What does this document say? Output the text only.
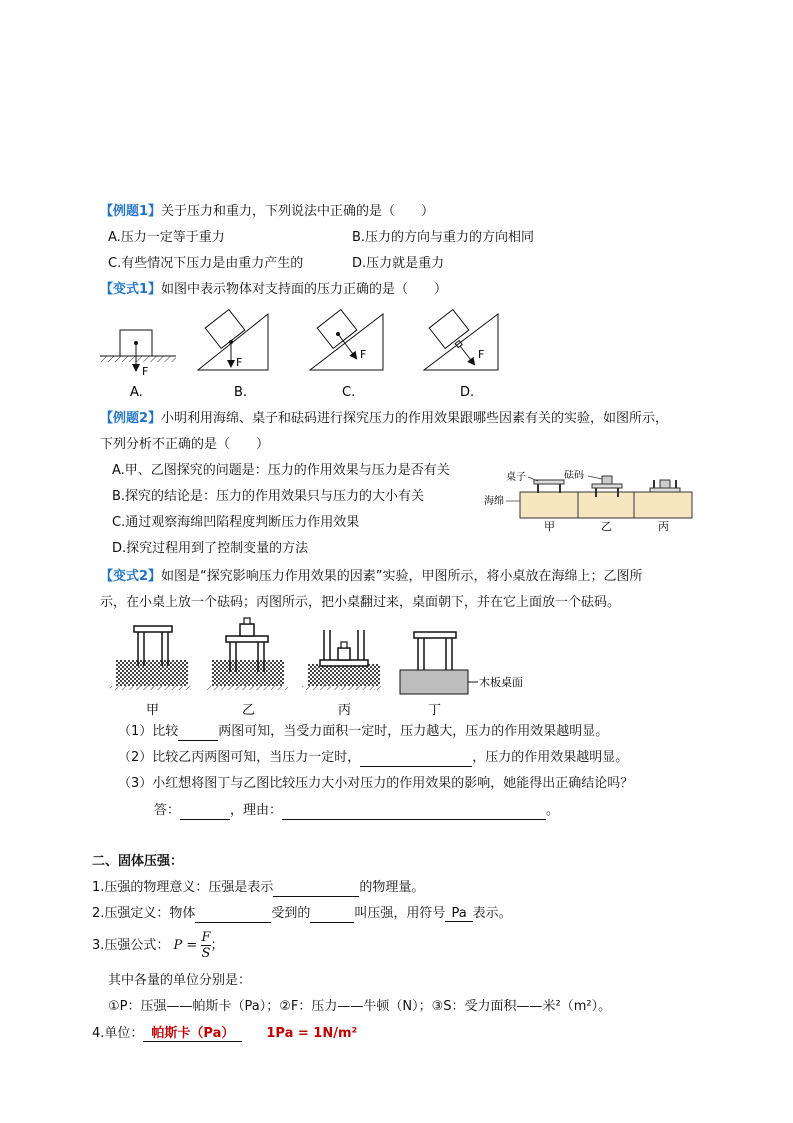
【例题1】关于压力和重力，下列说法中正确的是（　　）
A.压力一定等于重力	B.压力的方向与重力的方向相同
C.有些情况下压力是由重力产生的	D.压力就是重力
【变式1】如图中表示物体对支持面的压力正确的是（　　）
F
A.
F
B.
F
C.
F
D.
【例题2】小明利用海绵、桌子和砝码进行探究压力的作用效果跟哪些因素有关的实验，如图所示，
下列分析不正确的是（　　）
A.甲、乙图探究的问题是：压力的作用效果与压力是否有关
B.探究的结论是：压力的作用效果只与压力的大小有关
C.通过观察海绵凹陷程度判断压力作用效果
D.探究过程用到了控制变量的方法
桌子	砝码
海绵
甲	乙	丙
【变式2】如图是“探究影响压力作用效果的因素”实验，甲图所示，将小桌放在海绵上；乙图所
示，在小桌上放一个砝码；丙图所示，把小桌翻过来，桌面朝下，并在它上面放一个砝码。
木板桌面
甲	乙	丙	丁
（1）比较	两图可知，当受力面积一定时，压力越大，压力的作用效果越明显。
（2）比较乙丙两图可知，当压力一定时，	，压力的作用效果越明显。
（3）小红想将图丁与乙图比较压力大小对压力的作用效果的影响，她能得出正确结论吗？
答：	，理由：	。
二、固体压强：
1.压强的物理意义：压强是表示	的物理量。
2.压强定义：物体	受到的	叫压强，用符号 Pa 表示。
3.压强公式： $P = \frac{F}{S}$ ；
其中各量的单位分别是：
①P：压强——帕斯卡（Pa）；②F：压力——牛顿（N）；③S：受力面积——米²（m²）。
4.单位： 帕斯卡（Pa） 1Pa = 1N/m²
